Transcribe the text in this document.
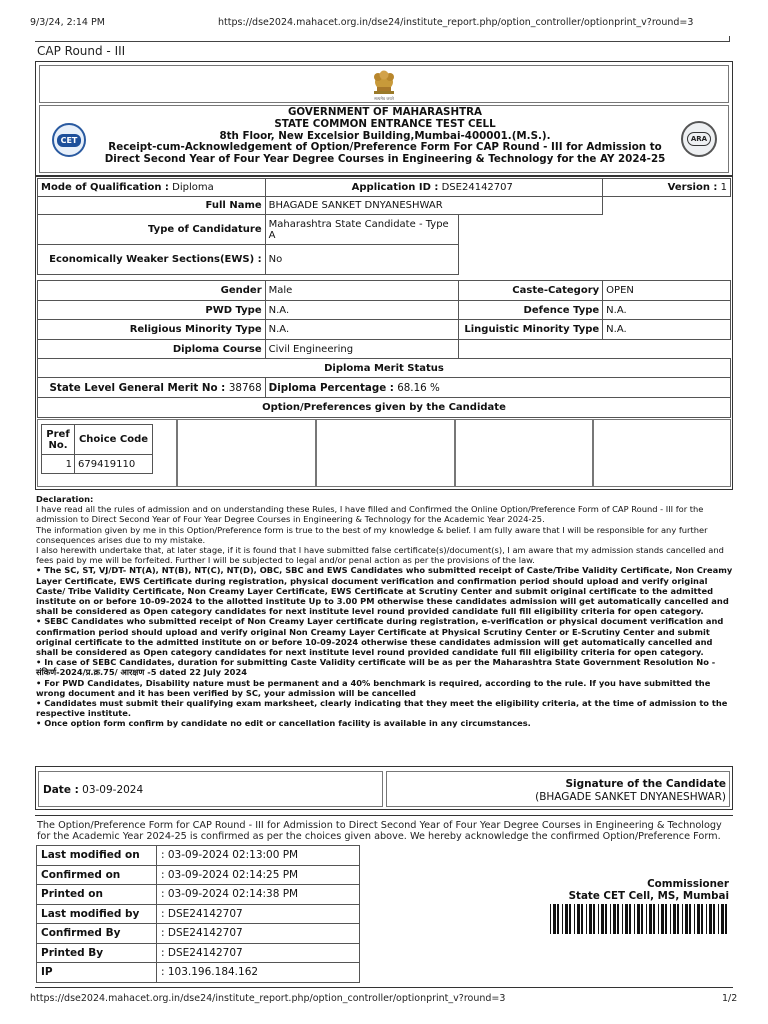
9/3/24, 2:14 PM	https://dse2024.mahacet.org.in/dse24/institute_report.php/option_controller/optionprint_v?round=3
CAP Round - III
सत्यमेव जयते
CET	ARA
GOVERNMENT OF MAHARASHTRA
STATE COMMON ENTRANCE TEST CELL
8th Floor, New Excelsior Building,Mumbai-400001.(M.S.).
Receipt-cum-Acknowledgement of Option/Preference Form For CAP Round - III for Admission to
Direct Second Year of Four Year Degree Courses in Engineering & Technology for the AY 2024-25
Mode of Qualification : Diploma	Application ID : DSE24142707		Version : 1
Full Name	BHAGADE SANKET DNYANESHWAR		
Type of Candidature	Maharashtra State Candidate - Type A		
Economically Weaker Sections(EWS) :	No		

Gender	Male	Caste-Category	OPEN
PWD Type	N.A.	Defence Type	N.A.
Religious Minority Type	N.A.	Linguistic Minority Type	N.A.
Diploma Course	Civil Engineering		
Diploma Merit Status			
State Level General Merit No : 38768	Diploma Percentage : 68.16 %		
Option/Preferences given by the Candidate			
Pref No.	Choice Code
1	679419110

Declaration:

I have read all the rules of admission and on understanding these Rules, I have filled and Confirmed the Online Option/Preference Form of CAP Round - III for the admission to Direct Second Year of Four Year Degree Courses in Engineering & Technology for the Academic Year 2024-25.

The information given by me in this Option/Preference form is true to the best of my knowledge & belief. I am fully aware that I will be responsible for any further consequences arises due to my mistake.

I also herewith undertake that, at later stage, if it is found that I have submitted false certificate(s)/document(s), I am aware that my admission stands cancelled and fees paid by me will be forfeited. Further I will be subjected to legal and/or penal action as per the provisions of the law.

• The SC, ST, VJ/DT- NT(A), NT(B), NT(C), NT(D), OBC, SBC and EWS Candidates who submitted receipt of Caste/Tribe Validity Certificate, Non Creamy Layer Certificate, EWS Certificate during registration, physical document verification and confirmation period should upload and verify original Caste/ Tribe Validity Certificate, Non Creamy Layer Certificate, EWS Certificate at Scrutiny Center and submit original certificate to the admitted institute on or before 10-09-2024 to the allotted institute Up to 3.00 PM otherwise these candidates admission will get automatically cancelled and shall be considered as Open category candidates for next institute level round provided candidate full fill eligibility criteria for open category.

• SEBC Candidates who submitted receipt of Non Creamy Layer certificate during registration, e-verification or physical document verification and confirmation period should upload and verify original Non Creamy Layer Certificate at Physical Scrutiny Center or E-Scrutiny Center and submit original certificate to the admitted institute on or before 10-09-2024 otherwise these candidates admission will get automatically cancelled and shall be considered as Open category candidates for next institute level round provided candidate full fill eligibility criteria for open category.

• In case of SEBC Candidates, duration for submitting Caste Validity certificate will be as per the Maharashtra State Government Resolution No - संकिर्ण-2024/प्र.क्र.75/ आरक्षण -5 dated 22 July 2024

• For PWD Candidates, Disability nature must be permanent and a 40% benchmark is required, according to the rule. If you have submitted the wrong document and it has been verified by SC, your admission will be cancelled

• Candidates must submit their qualifying exam marksheet, clearly indicating that they meet the eligibility criteria, at the time of admission to the respective institute.

• Once option form confirm by candidate no edit or cancellation facility is available in any circumstances.

Date : 03-09-2024	Signature of the Candidate
(BHAGADE SANKET DNYANESHWAR)
The Option/Preference Form for CAP Round - III for Admission to Direct Second Year of Four Year Degree Courses in Engineering & Technology for the Academic Year 2024-25 is confirmed as per the choices given above. We hereby acknowledge the confirmed Option/Preference Form.
Last modified on	: 03-09-2024 02:13:00 PM
Confirmed on	: 03-09-2024 02:14:25 PM
Printed on	: 03-09-2024 02:14:38 PM
Last modified by	: DSE24142707
Confirmed By	: DSE24142707
Printed By	: DSE24142707
IP	: 103.196.184.162
Commissioner
State CET Cell, MS, Mumbai
https://dse2024.mahacet.org.in/dse24/institute_report.php/option_controller/optionprint_v?round=3	1/2
